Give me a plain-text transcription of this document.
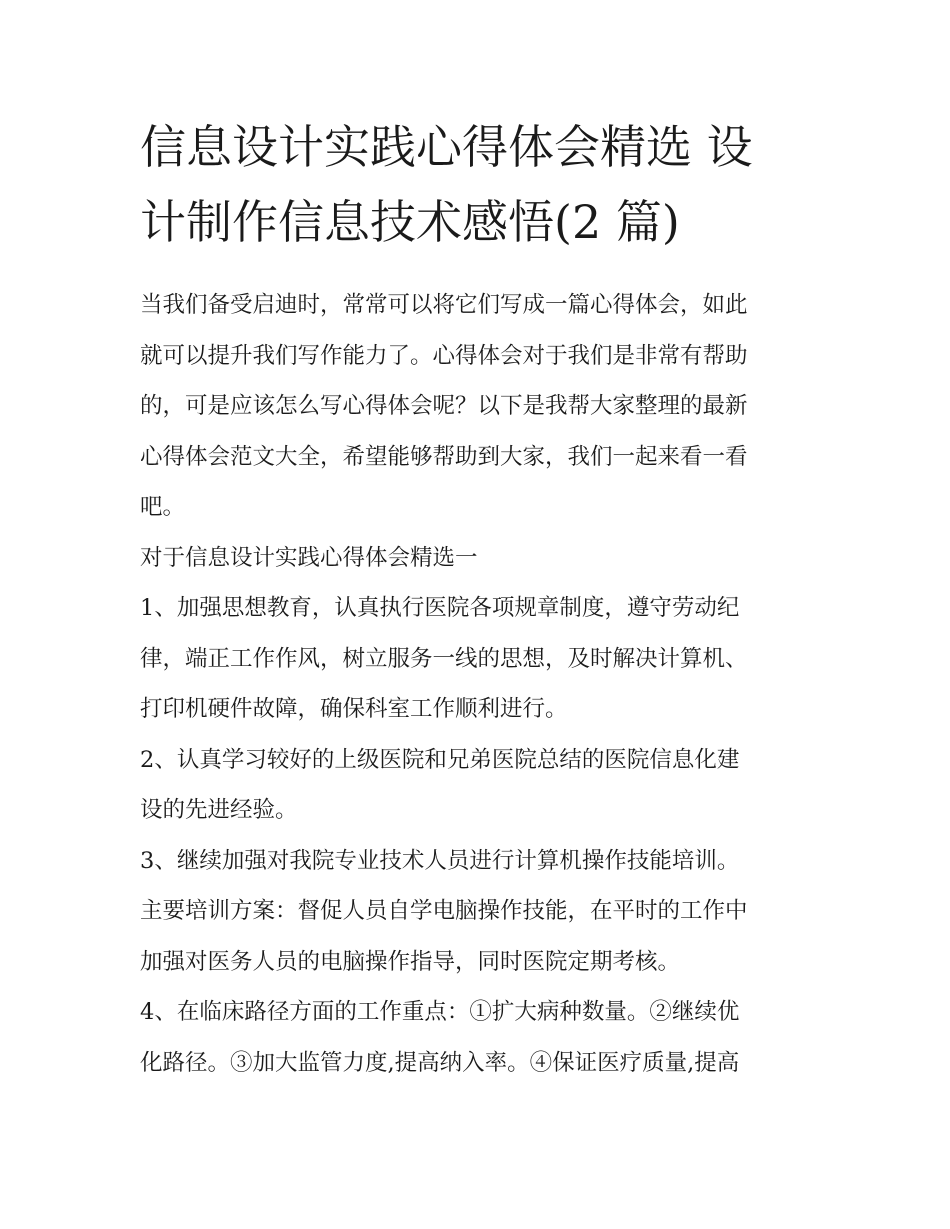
信息设计实践心得体会精选 设
计制作信息技术感悟(2 篇)

当我们备受启迪时，常常可以将它们写成一篇心得体会，如此
就可以提升我们写作能力了。心得体会对于我们是非常有帮助
的，可是应该怎么写心得体会呢？以下是我帮大家整理的最新
心得体会范文大全，希望能够帮助到大家，我们一起来看一看
吧。

对于信息设计实践心得体会精选一

1、加强思想教育，认真执行医院各项规章制度，遵守劳动纪
律，端正工作作风，树立服务一线的思想，及时解决计算机、
打印机硬件故障，确保科室工作顺利进行。

2、认真学习较好的上级医院和兄弟医院总结的医院信息化建
设的先进经验。

3、继续加强对我院专业技术人员进行计算机操作技能培训。
主要培训方案：督促人员自学电脑操作技能，在平时的工作中
加强对医务人员的电脑操作指导，同时医院定期考核。

4、在临床路径方面的工作重点：①扩大病种数量。②继续优
化路径。③加大监管力度,提高纳入率。④保证医疗质量,提高
